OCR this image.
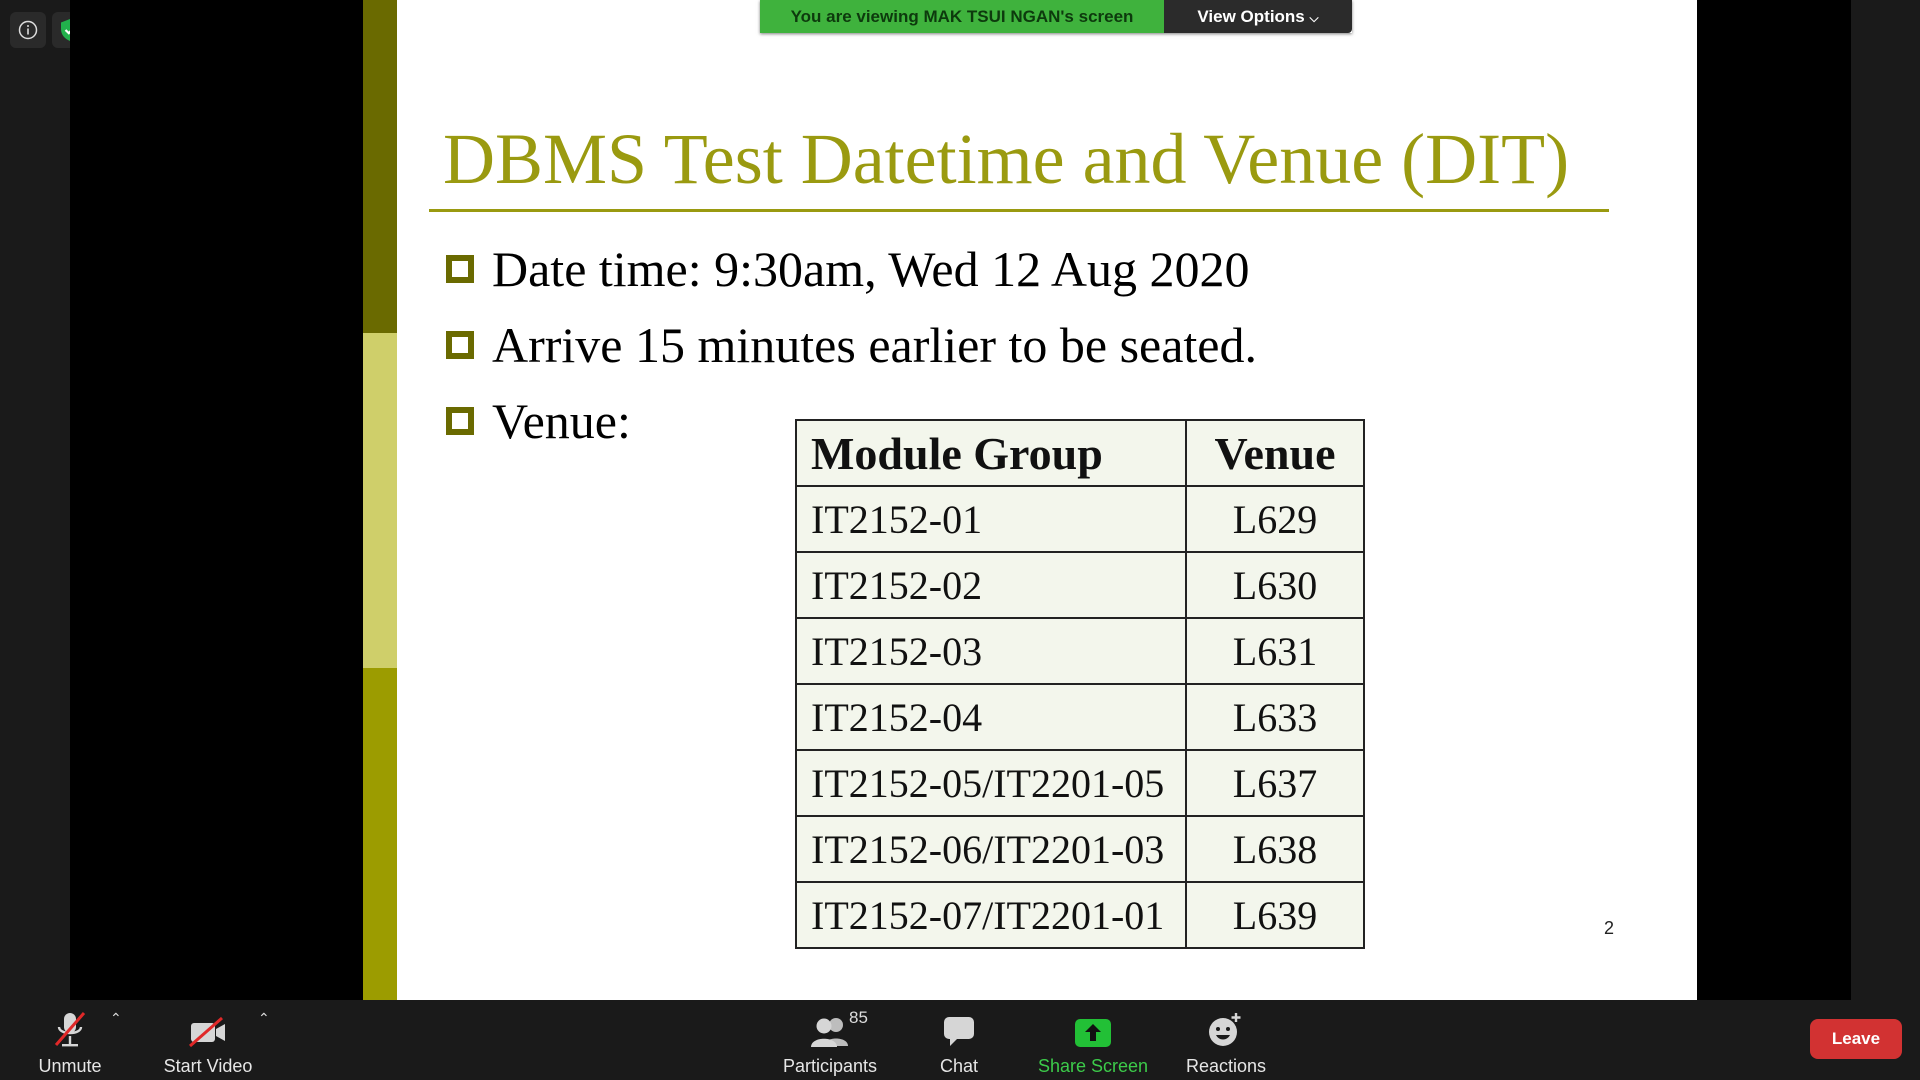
DBMS Test Datetime and Venue (DIT)
Date time: 9:30am, Wed 12 Aug 2020
Arrive 15 minutes earlier to be seated.
Venue:
Module Group	Venue
IT2152-01	L629
IT2152-02	L630
IT2152-03	L631
IT2152-04	L633
IT2152-05/IT2201-05	L637
IT2152-06/IT2201-03	L638
IT2152-07/IT2201-01	L639	2
You are viewing MAK TSUI NGAN's screen	View Options ⌵
Unmute
⌃
Start Video
⌃	85
Participants	Chat	Share Screen Reactions
Leave
